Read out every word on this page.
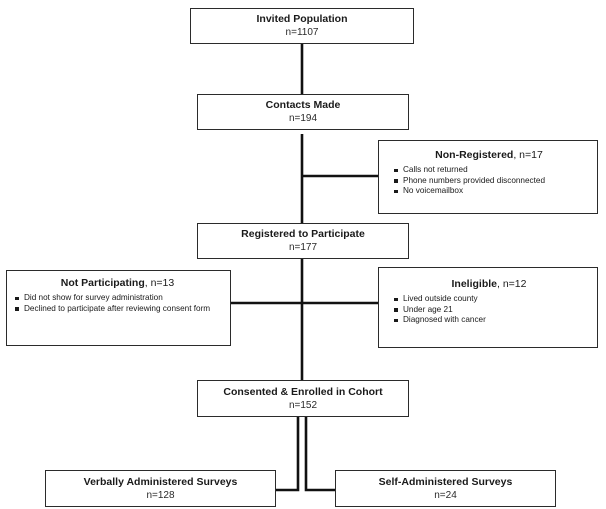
Invited Population
n=1107
Contacts Made
n=194
Non-Registered, n=17
Calls not returned
Phone numbers provided disconnected
No voicemailbox
Registered to Participate
n=177
Not Participating, n=13
Did not show for survey administration
Declined to participate after reviewing consent form
Ineligible, n=12
Lived outside county
Under age 21
Diagnosed with cancer
Consented & Enrolled in Cohort
n=152
Verbally Administered Surveys
n=128
Self-Administered Surveys
n=24
